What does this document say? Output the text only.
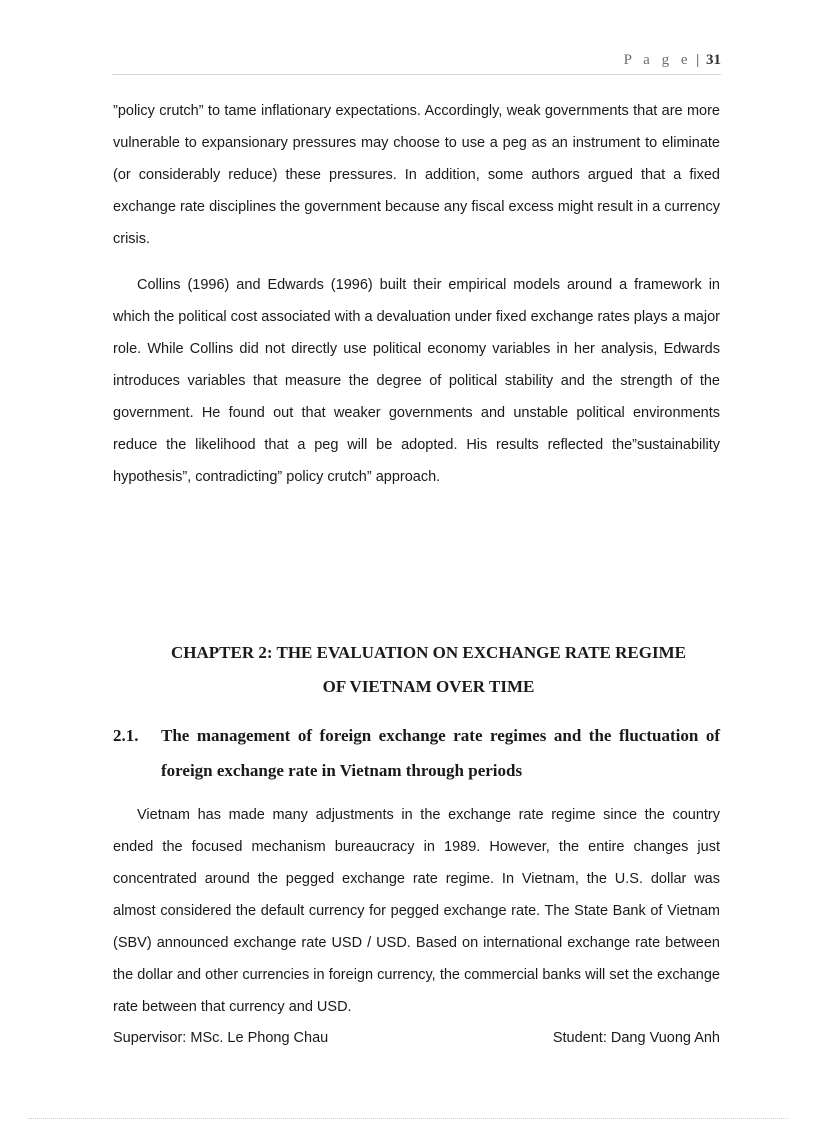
P a g e | 31

”policy crutch” to tame inflationary expectations. Accordingly, weak governments that are more vulnerable to expansionary pressures may choose to use a peg as an instrument to eliminate (or considerably reduce) these pressures. In addition, some authors argued that a fixed exchange rate disciplines the government because any fiscal excess might result in a currency crisis.

Collins (1996) and Edwards (1996) built their empirical models around a framework in which the political cost associated with a devaluation under fixed exchange rates plays a major role. While Collins did not directly use political economy variables in her analysis, Edwards introduces variables that measure the degree of political stability and the strength of the government. He found out that weaker governments and unstable political environments reduce the likelihood that a peg will be adopted. His results reflected the”sustainability hypothesis”, contradicting” policy crutch” approach.

CHAPTER 2: THE EVALUATION ON EXCHANGE RATE REGIME
OF VIETNAM OVER TIME
2.1.	The management of foreign exchange rate regimes and the fluctuation of foreign exchange rate in Vietnam through periods

Vietnam has made many adjustments in the exchange rate regime since the country ended the focused mechanism bureaucracy in 1989. However, the entire changes just concentrated around the pegged exchange rate regime. In Vietnam, the U.S. dollar was almost considered the default currency for pegged exchange rate. The State Bank of Vietnam (SBV) announced exchange rate USD / USD. Based on international exchange rate between the dollar and other currencies in foreign currency, the commercial banks will set the exchange rate between that currency and USD.

Supervisor: MSc. Le Phong Chau	Student: Dang Vuong Anh
